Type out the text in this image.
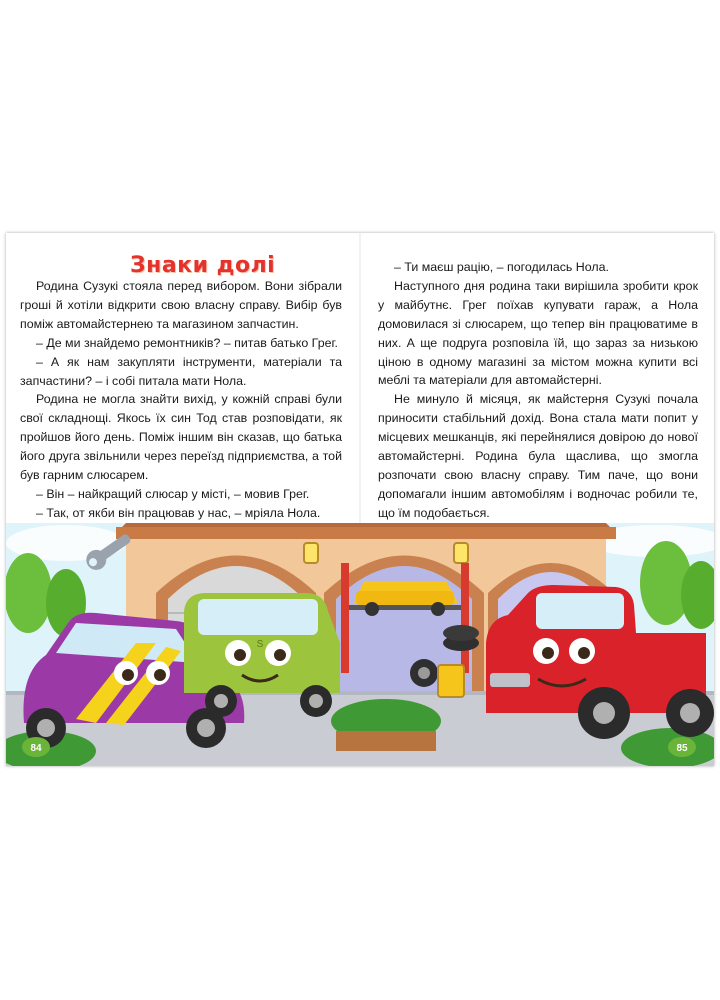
Знаки долі

Родина Сузукі стояла перед вибором. Вони зібрали гроші й хотіли відкрити свою власну справу. Вибір був поміж автомайстернею та магазином запчастин.

– Де ми знайдемо ремонтників? – питав батько Грег.

– А як нам закупляти інструменти, матеріали та запчастини? – і собі питала мати Нола.

Родина не могла знайти вихід, у кожній справі були свої складнощі. Якось їх син Тод став розповідати, як пройшов його день. Поміж іншим він сказав, що батька його друга звільнили через переїзд підприємства, а той був гарним слюсарем.

– Він – найкращий слюсар у місті, – мовив Грег.

– Так, от якби він працював у нас, – мріяла Нола.

– Ти маєш рацію, – погодилась Нола.

Наступного дня родина таки вирішила зробити крок у майбутнє. Грег поїхав купувати гараж, а Нола домовилася зі слюсарем, що тепер він працюватиме в них. А ще подруга розповіла їй, що зараз за низькою ціною в одному магазині за містом можна купити всі меблі та матеріали для автомайстерні.

Не минуло й місяця, як майстерня Сузукі почала приносити стабільний дохід. Вона стала мати попит у місцевих мешканців, які перейнялися довірою до нової автомайстерні. Родина була щаслива, що змогла розпочати свою власну справу. Тим паче, що вони допомагали іншим автомобілям і водночас робили те, що їм подобається.

S
84	85
